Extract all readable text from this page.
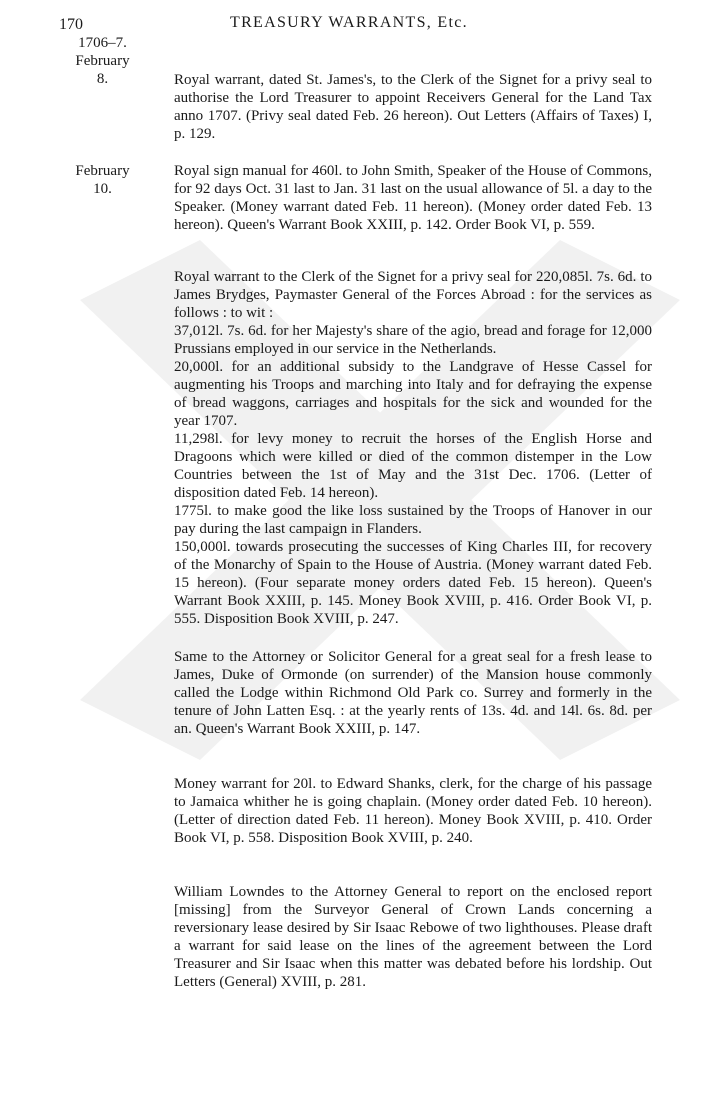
170	TREASURY WARRANTS, Etc.
1706–7.
February
8.
February
10.

Royal warrant, dated St. James's, to the Clerk of the Signet for a privy seal to authorise the Lord Treasurer to appoint Receivers General for the Land Tax anno 1707. (Privy seal dated Feb. 26 hereon). Out Letters (Affairs of Taxes) I, p. 129.

Royal sign manual for 460l. to John Smith, Speaker of the House of Commons, for 92 days Oct. 31 last to Jan. 31 last on the usual allowance of 5l. a day to the Speaker. (Money warrant dated Feb. 11 hereon). (Money order dated Feb. 13 hereon). Queen's Warrant Book XXIII, p. 142. Order Book VI, p. 559.

Royal warrant to the Clerk of the Signet for a privy seal for 220,085l. 7s. 6d. to James Brydges, Paymaster General of the Forces Abroad : for the services as follows : to wit :

37,012l. 7s. 6d. for her Majesty's share of the agio, bread and forage for 12,000 Prussians employed in our service in the Netherlands.

20,000l. for an additional subsidy to the Landgrave of Hesse Cassel for augmenting his Troops and marching into Italy and for defraying the expense of bread waggons, carriages and hospitals for the sick and wounded for the year 1707.

11,298l. for levy money to recruit the horses of the English Horse and Dragoons which were killed or died of the common distemper in the Low Countries between the 1st of May and the 31st Dec. 1706. (Letter of disposition dated Feb. 14 hereon).

1775l. to make good the like loss sustained by the Troops of Hanover in our pay during the last campaign in Flanders.

150,000l. towards prosecuting the successes of King Charles III, for recovery of the Monarchy of Spain to the House of Austria. (Money warrant dated Feb. 15 hereon). (Four separate money orders dated Feb. 15 hereon). Queen's Warrant Book XXIII, p. 145. Money Book XVIII, p. 416. Order Book VI, p. 555. Disposition Book XVIII, p. 247.

Same to the Attorney or Solicitor General for a great seal for a fresh lease to James, Duke of Ormonde (on surrender) of the Mansion house commonly called the Lodge within Richmond Old Park co. Surrey and formerly in the tenure of John Latten Esq. : at the yearly rents of 13s. 4d. and 14l. 6s. 8d. per an. Queen's Warrant Book XXIII, p. 147.

Money warrant for 20l. to Edward Shanks, clerk, for the charge of his passage to Jamaica whither he is going chaplain. (Money order dated Feb. 10 hereon). (Letter of direction dated Feb. 11 hereon). Money Book XVIII, p. 410. Order Book VI, p. 558. Disposition Book XVIII, p. 240.

William Lowndes to the Attorney General to report on the enclosed report [missing] from the Surveyor General of Crown Lands concerning a reversionary lease desired by Sir Isaac Rebowe of two lighthouses. Please draft a warrant for said lease on the lines of the agreement between the Lord Treasurer and Sir Isaac when this matter was debated before his lordship. Out Letters (General) XVIII, p. 281.
